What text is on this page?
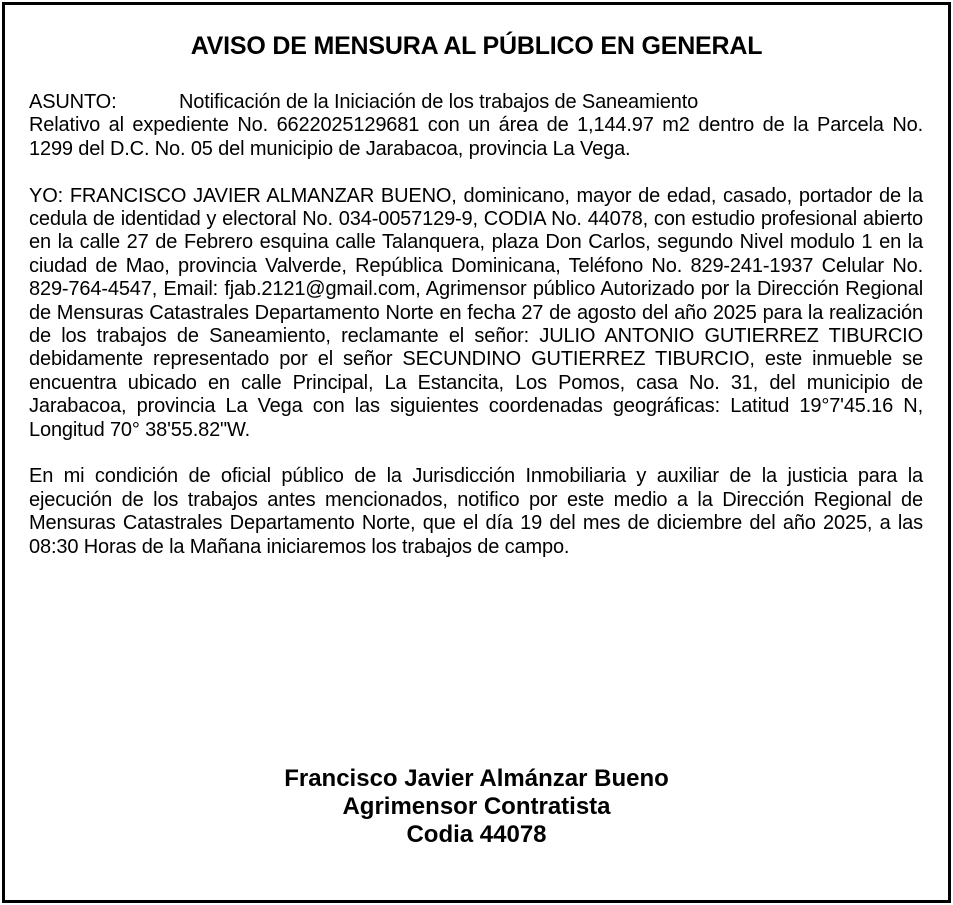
AVISO DE MENSURA AL PÚBLICO EN GENERAL
ASUNTO:	Notificación de la Iniciación de los trabajos de Saneamiento
Relativo al expediente No. 6622025129681 con un área de 1,144.97 m2 dentro de la Parcela No. 1299 del D.C. No. 05 del municipio de Jarabacoa, provincia La Vega.

YO: FRANCISCO JAVIER ALMANZAR BUENO, dominicano, mayor de edad, casado, portador de la cedula de identidad y electoral No. 034-0057129-9, CODIA No. 44078, con estudio profesional abierto en la calle 27 de Febrero esquina calle Talanquera, plaza Don Carlos, segundo Nivel modulo 1 en la ciudad de Mao, provincia Valverde, República Dominicana, Teléfono No. 829-241-1937 Celular No. 829-764-4547, Email: fjab.2121@gmail.com, Agrimensor público Autorizado por la Dirección Regional de Mensuras Catastrales Departamento Norte en fecha 27 de agosto del año 2025 para la realización de los trabajos de Saneamiento, reclamante el señor: JULIO ANTONIO GUTIERREZ TIBURCIO debidamente representado por el señor SECUNDINO GUTIERREZ TIBURCIO, este inmueble se encuentra ubicado en calle Principal, La Estancita, Los Pomos, casa No. 31, del municipio de Jarabacoa, provincia La Vega con las siguientes coordenadas geográficas: Latitud 19°7'45.16 N, Longitud 70° 38'55.82"W.

En mi condición de oficial público de la Jurisdicción Inmobiliaria y auxiliar de la justicia para la ejecución de los trabajos antes mencionados, notifico por este medio a la Dirección Regional de Mensuras Catastrales Departamento Norte, que el día 19 del mes de diciembre del año 2025, a las 08:30 Horas de la Mañana iniciaremos los trabajos de campo.

Francisco Javier Almánzar Bueno
Agrimensor Contratista
Codia 44078
